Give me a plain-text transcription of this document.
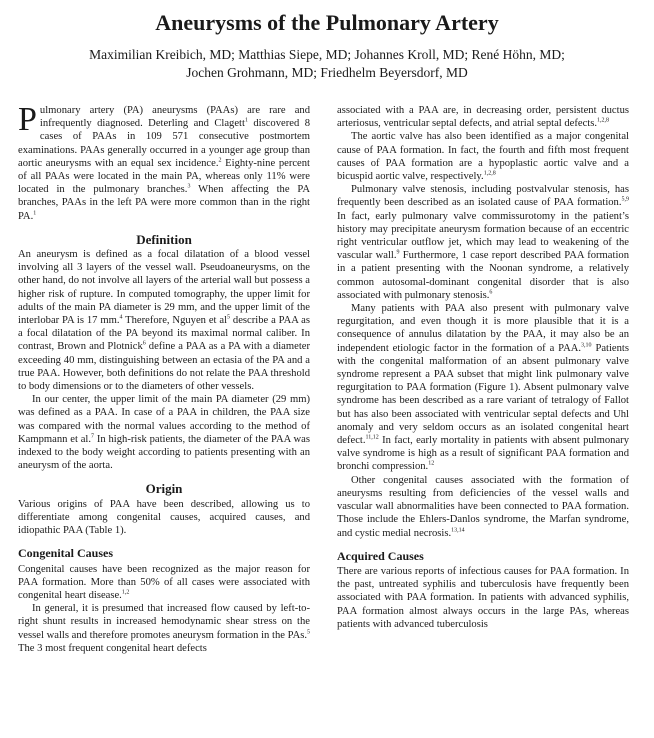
Aneurysms of the Pulmonary Artery
Maximilian Kreibich, MD; Matthias Siepe, MD; Johannes Kroll, MD; René Höhn, MD;
Jochen Grohmann, MD; Friedhelm Beyersdorf, MD

Pulmonary artery (PA) aneurysms (PAAs) are rare and infrequently diagnosed. Deterling and Clagett$^1$ discovered 8 cases of PAAs in 109 571 consecutive postmortem examinations. PAAs generally occurred in a younger age group than aortic aneurysms with an equal sex incidence.$^2$ Eighty-nine percent of all PAAs were located in the main PA, whereas only 11% were located in the pulmonary branches.$^3$ When affecting the PA branches, PAAs in the left PA were more common than in the right PA.$^1$

Definition

An aneurysm is defined as a focal dilatation of a blood vessel involving all 3 layers of the vessel wall. Pseudoaneurysms, on the other hand, do not involve all layers of the arterial wall but possess a higher risk of rupture. In computed tomography, the upper limit for adults of the main PA diameter is 29 mm, and the upper limit of the interlobar PA is 17 mm.$^4$ Therefore, Nguyen et $al^5$ describe a PAA as a focal dilatation of the PA beyond its maximal normal caliber. In contrast, Brown and Plotnick$^6$ define a PAA as a PA with a diameter exceeding 40 mm, distinguishing between an ectasia of the PA and a true PAA. However, both definitions do not relate the PAA threshold to body dimensions or to the diameters of other vessels.

In our center, the upper limit of the main PA diameter (29 mm) was defined as a PAA. In case of a PAA in children, the PAA size was compared with the normal values according to the method of Kampmann et al.$^7$ In high-risk patients, the diameter of the PAA was indexed to the body weight according to patients presenting with an aneurysm of the aorta.

Origin

Various origins of PAA have been described, allowing us to differentiate among congenital causes, acquired causes, and idiopathic PAA (Table 1).

Congenital Causes

Congenital causes have been recognized as the major reason for PAA formation. More than 50% of all cases were associated with congenital heart disease.$^{1,2}$

In general, it is presumed that increased flow caused by left-to-right shunt results in increased hemodynamic shear stress on the vessel walls and therefore promotes aneurysm formation in the PAs.$^5$ The 3 most frequent congenital heart defects

associated with a PAA are, in decreasing order, persistent ductus arteriosus, ventricular septal defects, and atrial septal defects.$^{1,2,8}$

The aortic valve has also been identified as a major congenital cause of PAA formation. In fact, the fourth and fifth most frequent causes of PAA formation are a hypoplastic aortic valve and a bicuspid aortic valve, respectively.$^{1,2,8}$

Pulmonary valve stenosis, including postvalvular stenosis, has frequently been described as an isolated cause of PAA formation.$^{5,9}$ In fact, early pulmonary valve commissurotomy in the patient’s history may precipitate aneurysm formation because of an eccentric right ventricular outflow jet, which may lead to weakening of the vascular wall.$^9$ Furthermore, 1 case report described PAA formation in a patient presenting with the Noonan syndrome, a relatively common autosomal-dominant congenital disorder that is also associated with pulmonary stenosis.$^6$

Many patients with PAA also present with pulmonary valve regurgitation, and even though it is more plausible that it is a consequence of annulus dilatation by the PAA, it may also be an independent etiologic factor in the formation of a PAA.$^{3,10}$ Patients with the congenital malformation of an absent pulmonary valve syndrome represent a PAA subset that might link pulmonary valve regurgitation to PAA formation (Figure 1). Absent pulmonary valve syndrome has been described as a rare variant of tetralogy of Fallot but has also been associated with ventricular septal defects and Uhl anomaly and very seldom occurs as an isolated congenital heart defect.$^{11,12}$ In fact, early mortality in patients with absent pulmonary valve syndrome is high as a result of significant PAA formation and bronchi compression.$^{12}$

Other congenital causes associated with the formation of aneurysms resulting from deficiencies of the vessel walls and vascular wall abnormalities have been connected to PAA formation. Those include the Ehlers-Danlos syndrome, the Marfan syndrome, and cystic medial necrosis.$^{13,14}$

Acquired Causes

There are various reports of infectious causes for PAA formation. In the past, untreated syphilis and tuberculosis have frequently been associated with PAA formation. In patients with advanced syphilis, PAA formation almost always occurs in the large PAs, whereas patients with advanced tuberculosis
